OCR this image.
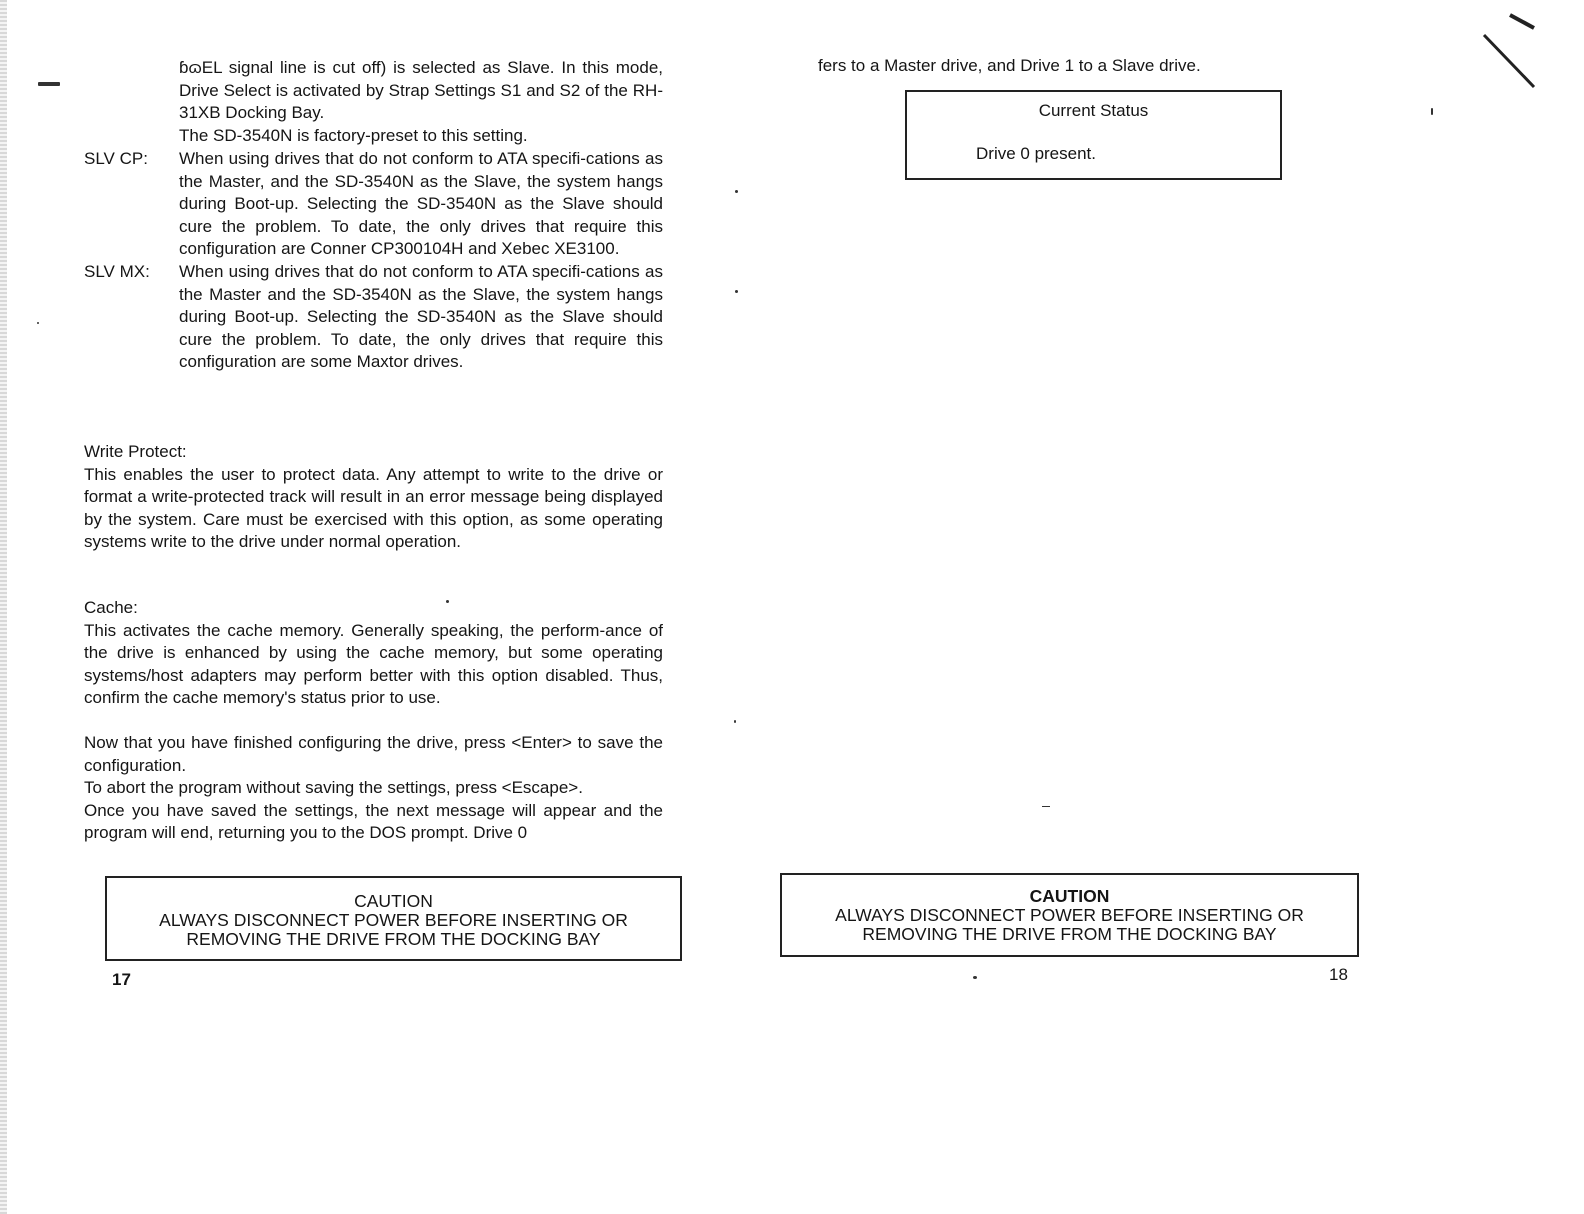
ɓɷEL signal line is cut off) is selected as Slave. In this mode, Drive Select is activated by Strap Settings S1 and S2 of the RH-31XB Docking Bay.
The SD-3540N is factory-preset to this setting.
SLV CP:	When using drives that do not conform to ATA specifi-cations as the Master, and the SD-3540N as the Slave, the system hangs during Boot-up. Selecting the SD-3540N as the Slave should cure the problem. To date, the only drives that require this configuration are Conner CP300104H and Xebec XE3100.
SLV MX:	When using drives that do not conform to ATA specifi-cations as the Master and the SD-3540N as the Slave, the system hangs during Boot-up. Selecting the SD-3540N as the Slave should cure the problem. To date, the only drives that require this configuration are some Maxtor drives.
Write Protect:
This enables the user to protect data. Any attempt to write to the drive or format a write-protected track will result in an error message being displayed by the system. Care must be exercised with this option, as some operating systems write to the drive under normal operation.
Cache:
This activates the cache memory. Generally speaking, the perform-ance of the drive is enhanced by using the cache memory, but some operating systems/host adapters may perform better with this option disabled. Thus, confirm the cache memory's status prior to use.
Now that you have finished configuring the drive, press <Enter> to save the configuration.
To abort the program without saving the settings, press <Escape>.
Once you have saved the settings, the next message will appear and the program will end, returning you to the DOS prompt. Drive 0
CAUTION
ALWAYS DISCONNECT POWER BEFORE INSERTING OR
REMOVING THE DRIVE FROM THE DOCKING BAY
17
fers to a Master drive, and Drive 1 to a Slave drive.
Current Status
Drive 0 present.
CAUTION
ALWAYS DISCONNECT POWER BEFORE INSERTING OR
REMOVING THE DRIVE FROM THE DOCKING BAY
18
